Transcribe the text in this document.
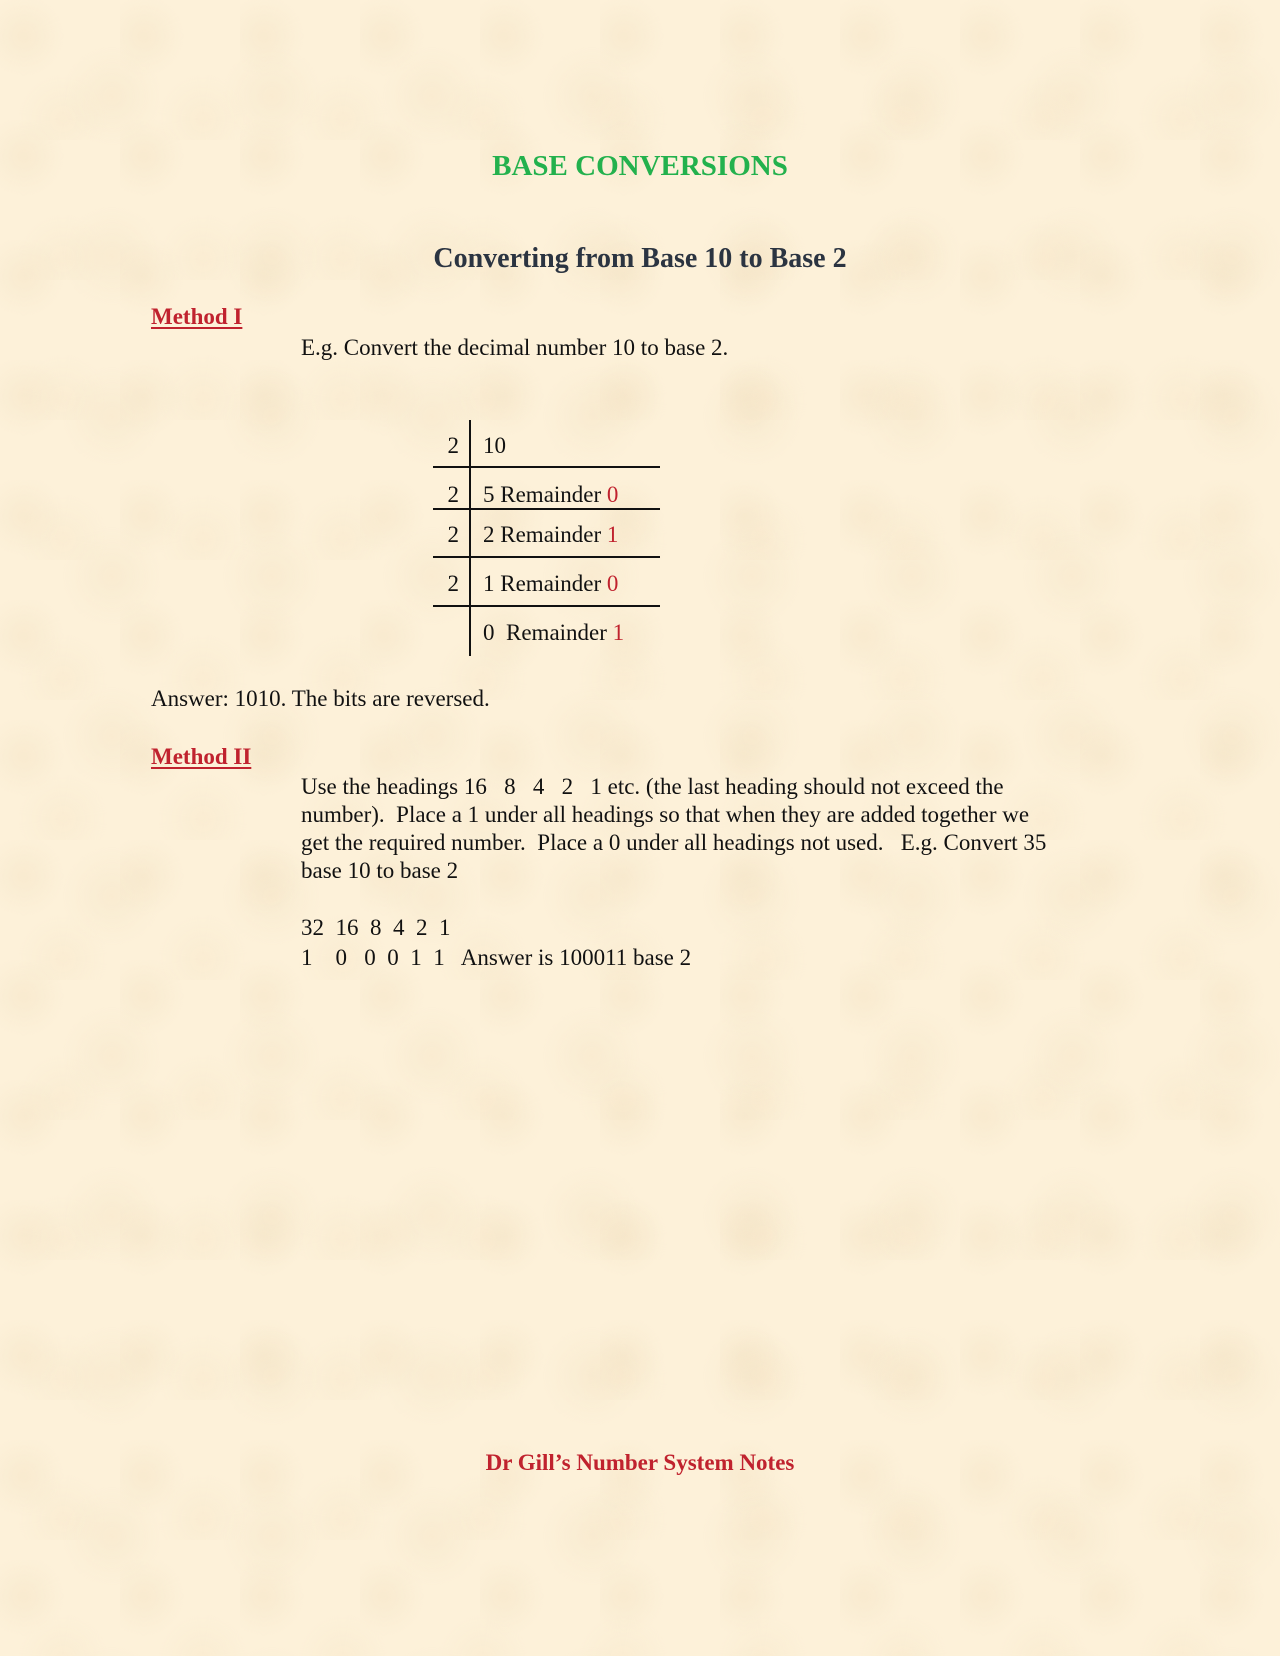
BASE CONVERSIONS
Converting from Base 10 to Base 2
Method I
E.g. Convert the decimal number 10 to base 2.
2 10
2 5 Remainder 0
2 2 Remainder 1
2 1 Remainder 0
0  Remainder 1
Answer: 1010. The bits are reversed.
Method II
Use the headings 16   8   4   2   1 etc. (the last heading should not exceed the
number).  Place a 1 under all headings so that when they are added together we
get the required number.  Place a 0 under all headings not used.   E.g. Convert 35
base 10 to base 2
32  16  8  4  2  1
1    0   0  0  1  1   Answer is 100011 base 2
Dr Gill’s Number System Notes
